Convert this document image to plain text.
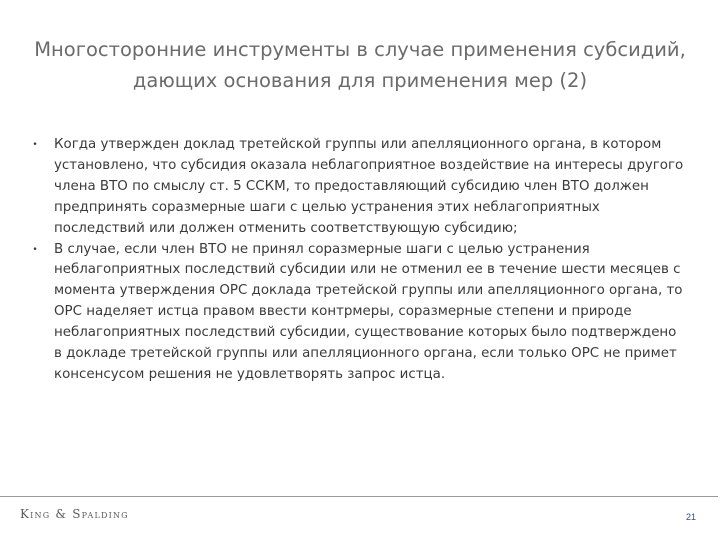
Многосторонние инструменты в случае применения субсидий, дающих основания для применения мер (2)
• Когда утвержден доклад третейской группы или апелляционного органа, в котором установлено, что субсидия оказала неблагоприятное воздействие на интересы другого члена ВТО по смыслу ст. 5 ССКМ, то предоставляющий субсидию член ВТО должен предпринять соразмерные шаги с целью устранения этих неблагоприятных последствий или должен отменить соответствующую субсидию;
• В случае, если член ВТО не принял соразмерные шаги с целью устранения неблагоприятных последствий субсидии или не отменил ее в течение шести месяцев с момента утверждения ОРС доклада третейской группы или апелляционного органа, то ОРС наделяет истца правом ввести контрмеры, соразмерные степени и природе неблагоприятных последствий субсидии, существование которых было подтверждено в докладе третейской группы или апелляционного органа, если только ОРС не примет консенсусом решения не удовлетворять запрос истца.
King & Spalding	21
